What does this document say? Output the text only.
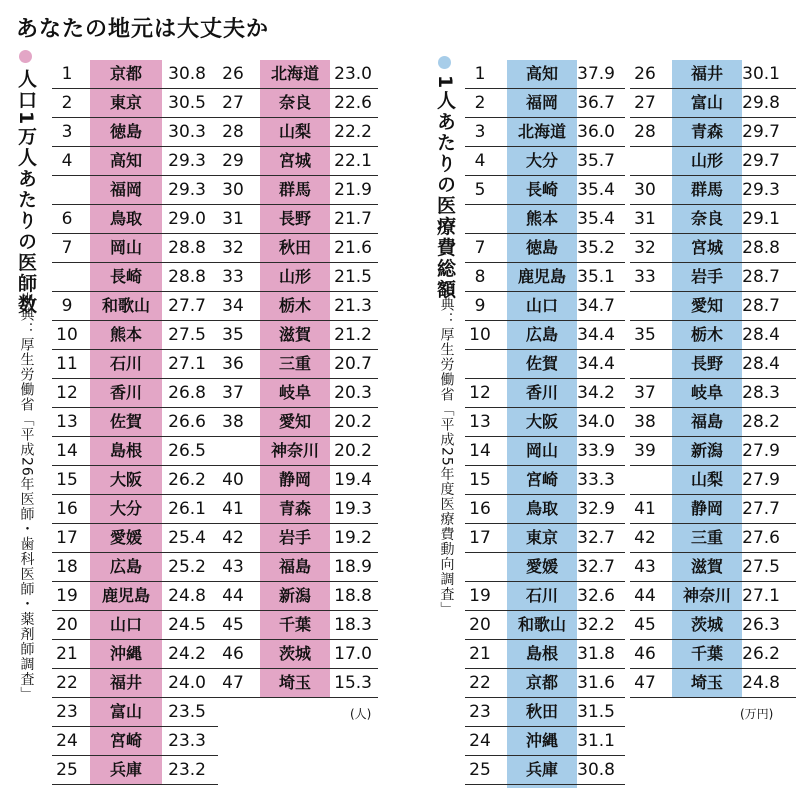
あなたの地元は大丈夫か
人口1万人あたりの医師数
出典：厚生労働省「平成26年医師・歯科医師・薬剤師調査」
1	京都	30.8
2	東京	30.5
3	徳島	30.3
4	高知	29.3
福岡	29.3
6	鳥取	29.0
7	岡山	28.8
長崎	28.8
9	和歌山	27.7
10	熊本	27.5
11	石川	27.1
12	香川	26.8
13	佐賀	26.6
14	島根	26.5
15	大阪	26.2
16	大分	26.1
17	愛媛	25.4
18	広島	25.2
19	鹿児島	24.8
20	山口	24.5
21	沖縄	24.2
22	福井	24.0
23	富山	23.5
24	宮崎	23.3
25	兵庫	23.2
26	北海道 23.0
27	奈良	22.6
28	山梨	22.2
29	宮城	22.1
30	群馬	21.9
31	長野	21.7
32	秋田	21.6
33	山形	21.5
34	栃木	21.3
35	滋賀	21.2
36	三重	20.7
37	岐阜	20.3
38	愛知	20.2
神奈川 20.2
40	静岡	19.4
41	青森	19.3
42	岩手	19.2
43	福島	18.9
44	新潟	18.8
45	千葉	18.3
46	茨城	17.0
47	埼玉	15.3
(人)
1人あたりの医療費総額
出典：厚生労働省「平成25年度医療費動向調査」
1	高知	37.9
2	福岡	36.7
3	北海道 36.0
4	大分	35.7
5	長崎	35.4
熊本	35.4
7	徳島	35.2
8	鹿児島 35.1
9	山口	34.7
10	広島	34.4
佐賀	34.4
12	香川	34.2
13	大阪	34.0
14	岡山	33.9
15	宮崎	33.3
16	鳥取	32.9
17	東京	32.7
愛媛	32.7
19	石川	32.6
20	和歌山 32.2
21	島根	31.8
22	京都	31.6
23	秋田	31.5
24	沖縄	31.1
25	兵庫	30.8
26	福井	30.1
27	富山	29.8
28	青森	29.7
山形	29.7
30	群馬	29.3
31	奈良	29.1
32	宮城	28.8
33	岩手	28.7
愛知	28.7
35	栃木	28.4
長野	28.4
37	岐阜	28.3
38	福島	28.2
39	新潟	27.9
山梨	27.9
41	静岡	27.7
42	三重	27.6
43	滋賀	27.5
44	神奈川 27.1
45	茨城	26.3
46	千葉	26.2
47	埼玉	24.8
(万円)
